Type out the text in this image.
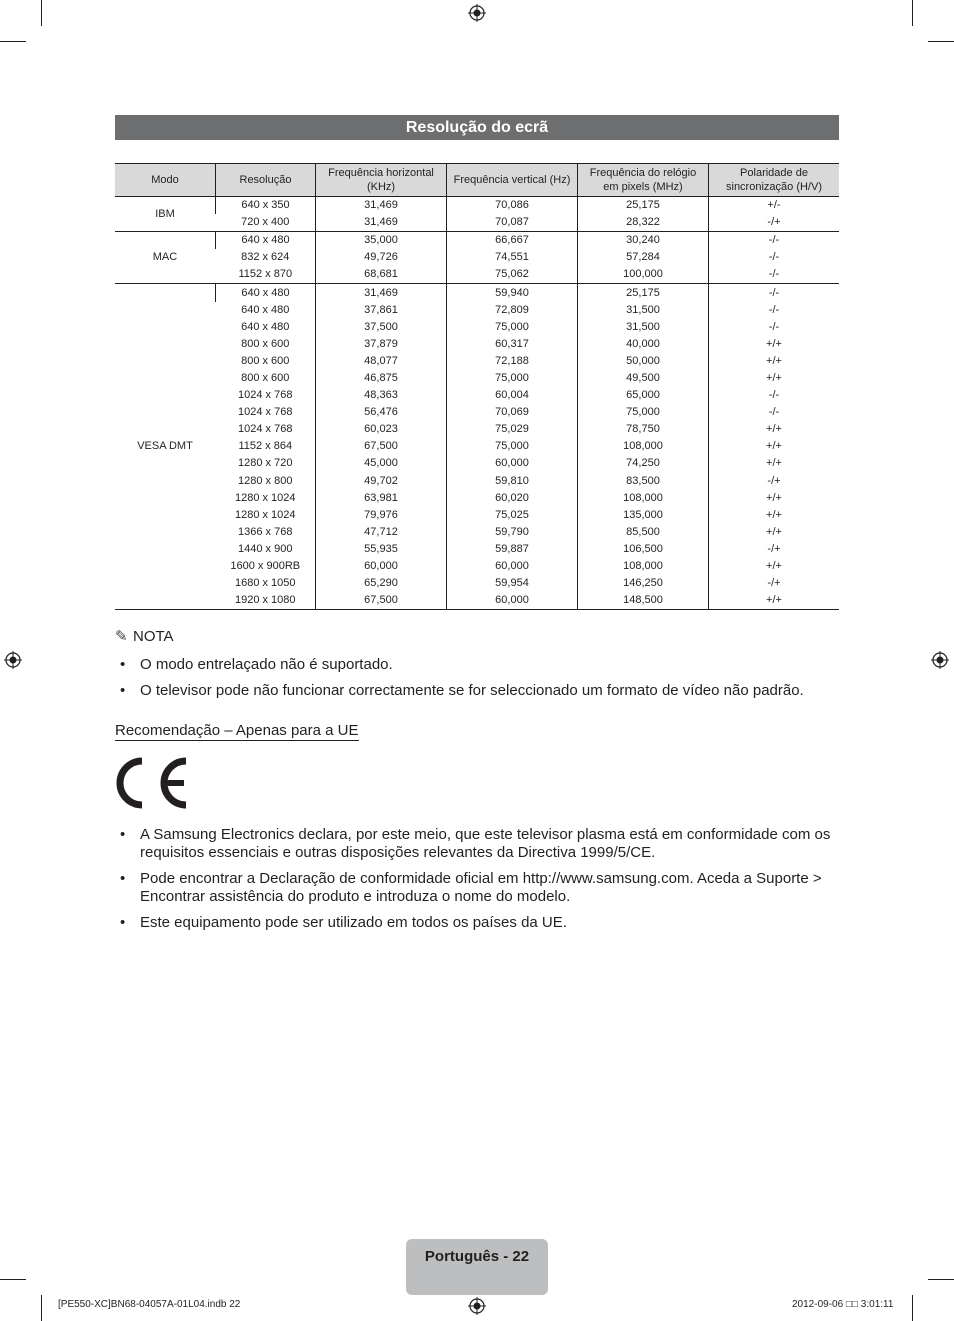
Resolução do ecrã
Modo	Resolução	Frequência horizontal (KHz)	Frequência vertical (Hz)	Frequência do relógio em pixels (MHz)	Polaridade de sincronização (H/V)
IBM	640 x 350	31,469	70,086	25,175	+/-
	720 x 400	31,469	70,087	28,322	-/+
MAC	640 x 480	35,000	66,667	30,240	-/-
	832 x 624	49,726	74,551	57,284	-/-
	1152 x 870	68,681	75,062	100,000	-/-
VESA DMT	640 x 480	31,469	59,940	25,175	-/-
	640 x 480	37,861	72,809	31,500	-/-
	640 x 480	37,500	75,000	31,500	-/-
	800 x 600	37,879	60,317	40,000	+/+
	800 x 600	48,077	72,188	50,000	+/+
	800 x 600	46,875	75,000	49,500	+/+
	1024 x 768	48,363	60,004	65,000	-/-
	1024 x 768	56,476	70,069	75,000	-/-
	1024 x 768	60,023	75,029	78,750	+/+
	1152 x 864	67,500	75,000	108,000	+/+
	1280 x 720	45,000	60,000	74,250	+/+
	1280 x 800	49,702	59,810	83,500	-/+
	1280 x 1024	63,981	60,020	108,000	+/+
	1280 x 1024	79,976	75,025	135,000	+/+
	1366 x 768	47,712	59,790	85,500	+/+
	1440 x 900	55,935	59,887	106,500	-/+
	1600 x 900RB	60,000	60,000	108,000	+/+
	1680 x 1050	65,290	59,954	146,250	-/+
	1920 x 1080	67,500	60,000	148,500	+/+
✎ NOTA
• O modo entrelaçado não é suportado.
• O televisor pode não funcionar correctamente se for seleccionado um formato de vídeo não padrão.
Recomendação – Apenas para a UE
• A Samsung Electronics declara, por este meio, que este televisor plasma está em conformidade com os requisitos essenciais e outras disposições relevantes da Directiva 1999/5/CE.
• Pode encontrar a Declaração de conformidade oficial em http://www.samsung.com. Aceda a Suporte > Encontrar assistência do produto e introduza o nome do modelo.
• Este equipamento pode ser utilizado em todos os países da UE.
Português - 22
[PE550-XC]BN68-04057A-01L04.indb 22	2012-09-06 □□ 3:01:11
